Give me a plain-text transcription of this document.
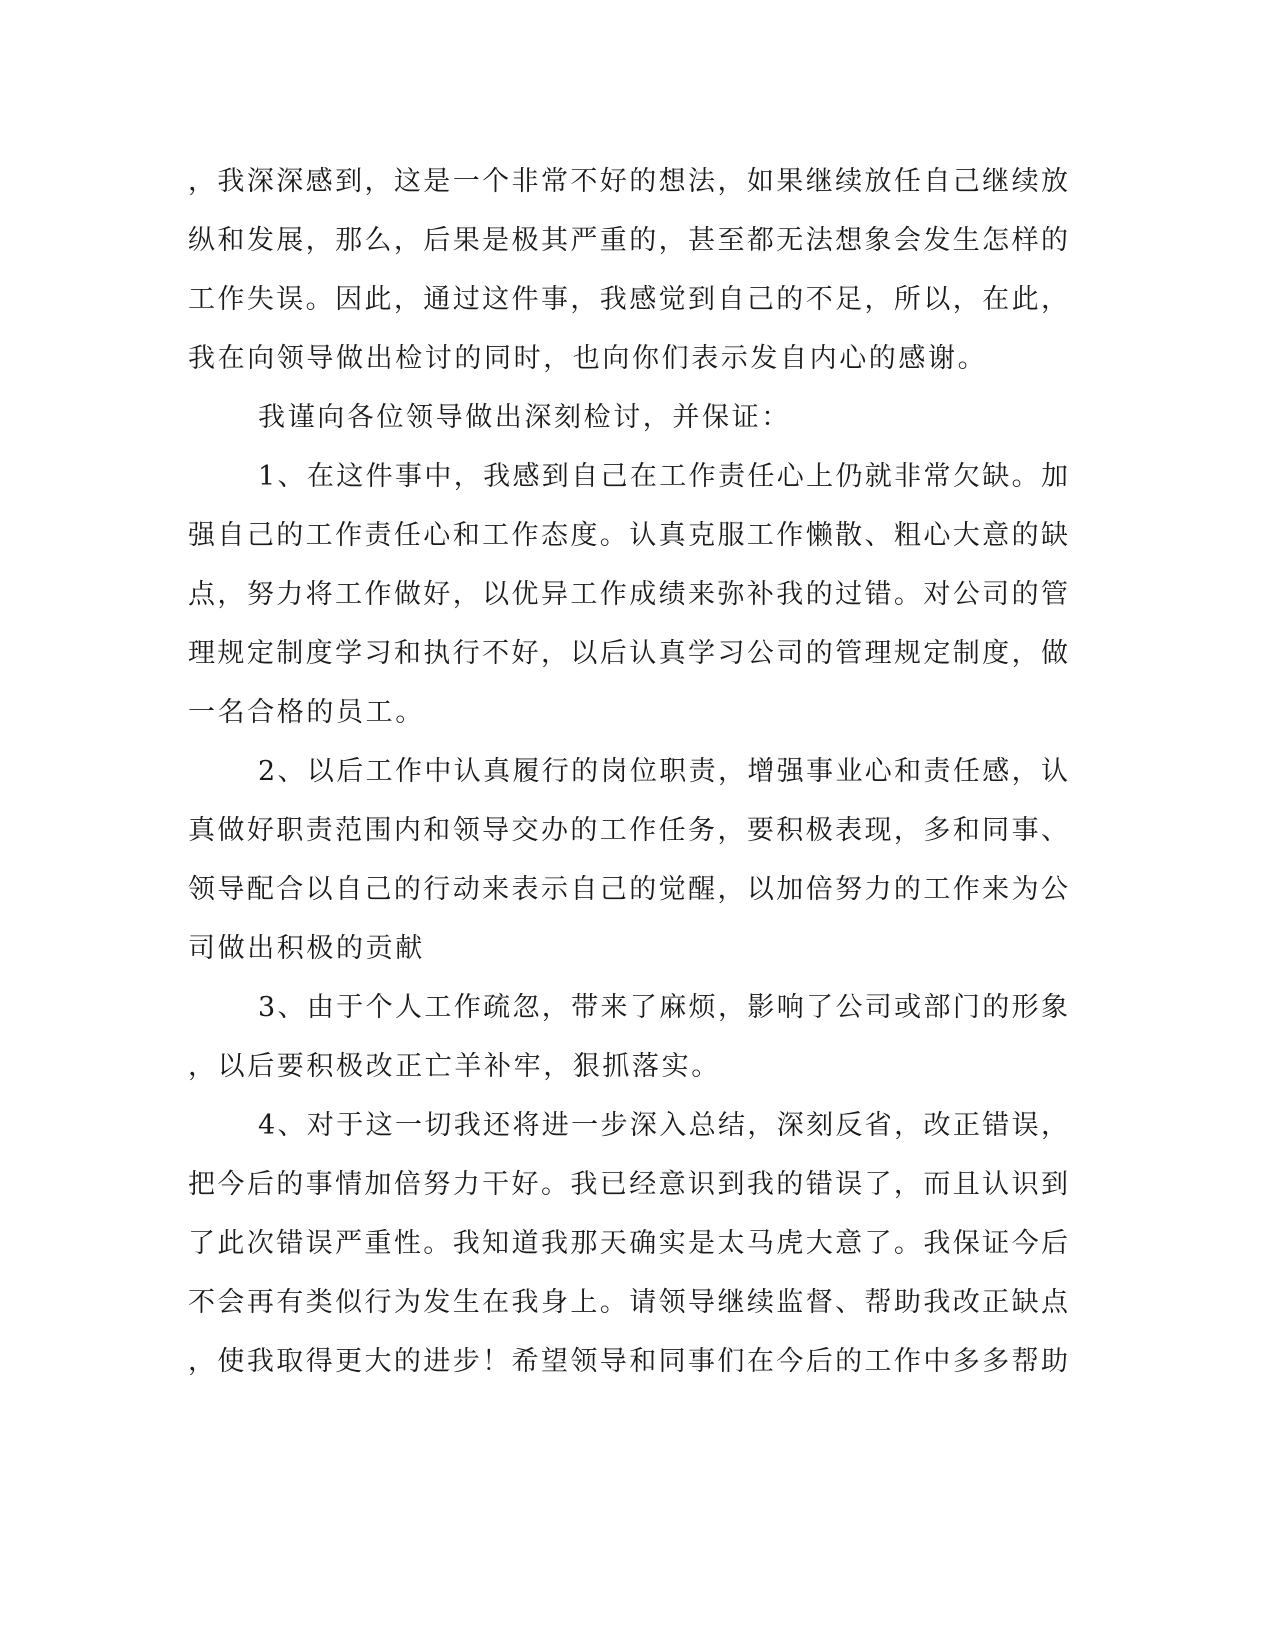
，我深深感到，这是一个非常不好的想法，如果继续放任自己继续放
纵和发展，那么，后果是极其严重的，甚至都无法想象会发生怎样的
工作失误。因此，通过这件事，我感觉到自己的不足，所以，在此，
我在向领导做出检讨的同时，也向你们表示发自内心的感谢。
我谨向各位领导做出深刻检讨，并保证：
1、在这件事中，我感到自己在工作责任心上仍就非常欠缺。加
强自己的工作责任心和工作态度。认真克服工作懒散、粗心大意的缺
点，努力将工作做好，以优异工作成绩来弥补我的过错。对公司的管
理规定制度学习和执行不好，以后认真学习公司的管理规定制度，做
一名合格的员工。
2、以后工作中认真履行的岗位职责，增强事业心和责任感，认
真做好职责范围内和领导交办的工作任务，要积极表现，多和同事、
领导配合以自己的行动来表示自己的觉醒，以加倍努力的工作来为公
司做出积极的贡献
3、由于个人工作疏忽，带来了麻烦，影响了公司或部门的形象
，以后要积极改正亡羊补牢，狠抓落实。
4、对于这一切我还将进一步深入总结，深刻反省，改正错误，
把今后的事情加倍努力干好。我已经意识到我的错误了，而且认识到
了此次错误严重性。我知道我那天确实是太马虎大意了。我保证今后
不会再有类似行为发生在我身上。请领导继续监督、帮助我改正缺点
，使我取得更大的进步！希望领导和同事们在今后的工作中多多帮助
